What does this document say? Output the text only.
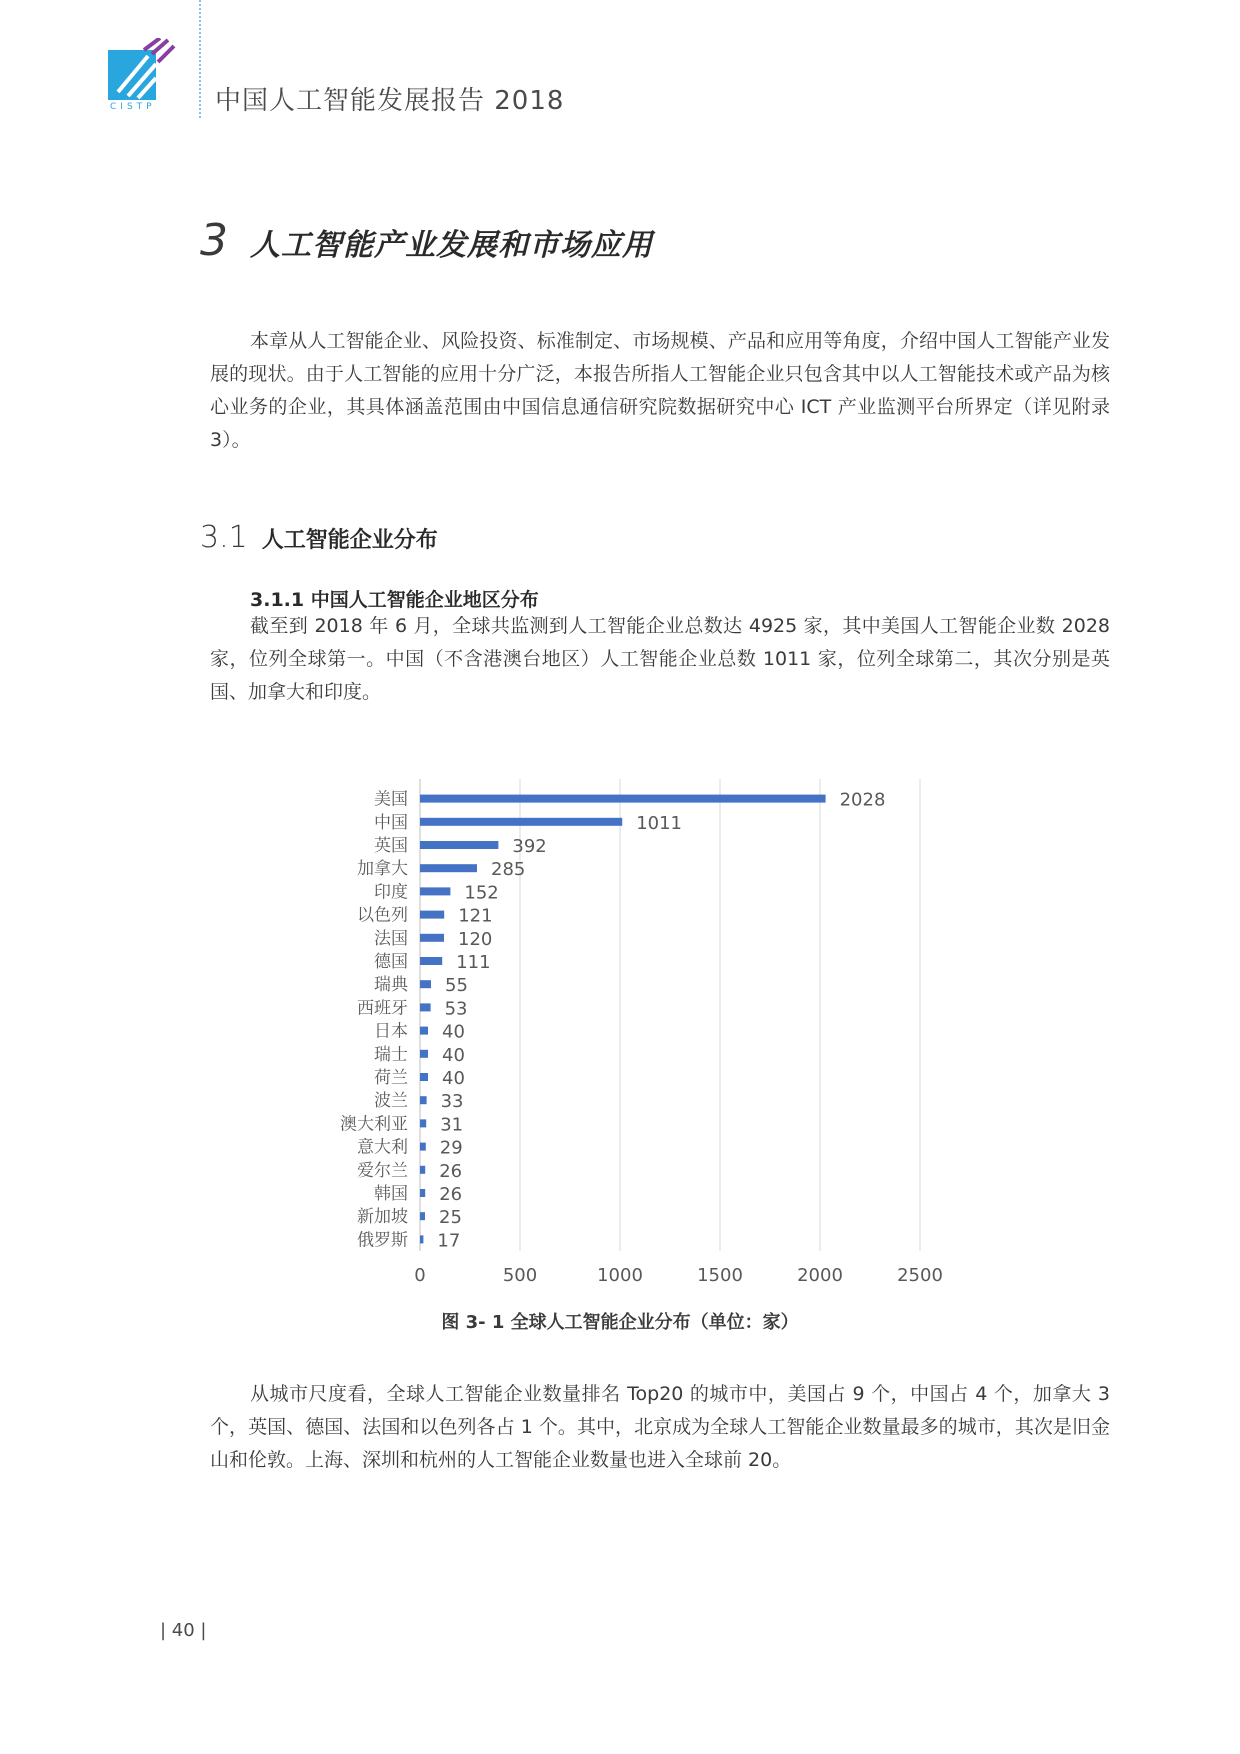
CISTP 中国人工智能发展报告 2018
3 人工智能产业发展和市场应用

本章从人工智能企业、风险投资、标准制定、市场规模、产品和应用等角度，介绍中国人工智能产业发展的现状。由于人工智能的应用十分广泛，本报告所指人工智能企业只包含其中以人工智能技术或产品为核心业务的企业，其具体涵盖范围由中国信息通信研究院数据研究中心 ICT 产业监测平台所界定（详见附录 3）。

3.1 人工智能企业分布
3.1.1 中国人工智能企业地区分布

截至到 2018 年 6 月，全球共监测到人工智能企业总数达 4925 家，其中美国人工智能企业数 2028 家，位列全球第一。中国（不含港澳台地区）人工智能企业总数 1011 家，位列全球第二，其次分别是英国、加拿大和印度。

0	500	1000	1500	2000	2500
美国	2028
中国	1011
英国	392
加拿大	285
印度	152
以色列	121
法国	120
德国	111
瑞典 55
西班牙 53
日本 40
瑞士 40
荷兰 40
波兰 33
澳大利亚 31
意大利 29
爱尔兰 26
韩国 26
新加坡 25
俄罗斯 17
图 3- 1 全球人工智能企业分布（单位：家）

从城市尺度看，全球人工智能企业数量排名 Top20 的城市中，美国占 9 个，中国占 4 个，加拿大 3 个，英国、德国、法国和以色列各占 1 个。其中，北京成为全球人工智能企业数量最多的城市，其次是旧金山和伦敦。上海、深圳和杭州的人工智能企业数量也进入全球前 20。

| 40 |
